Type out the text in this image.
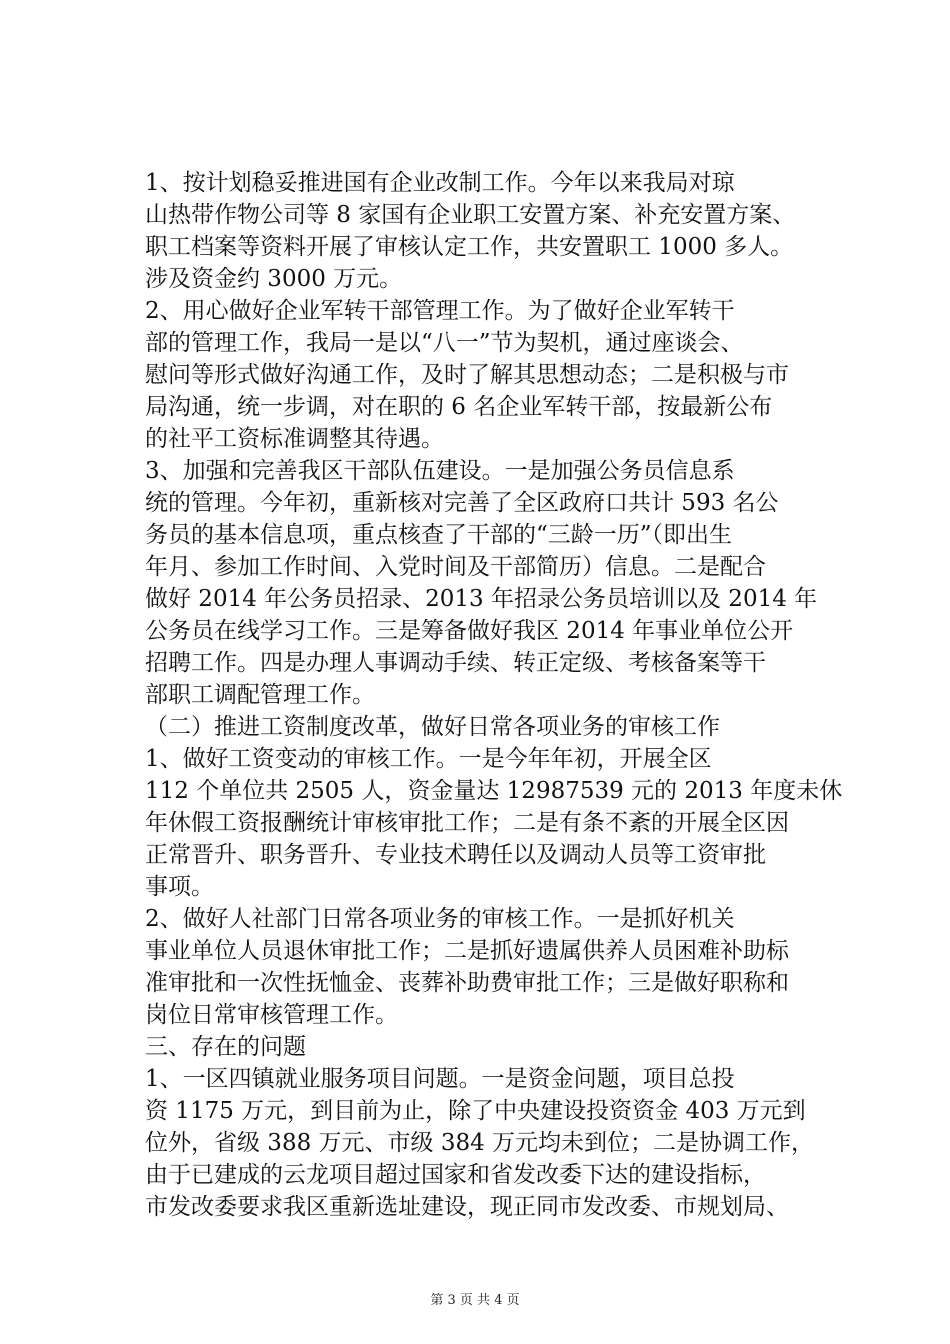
1、按计划稳妥推进国有企业改制工作。今年以来我局对琼
山热带作物公司等 8 家国有企业职工安置方案、补充安置方案、
职工档案等资料开展了审核认定工作，共安置职工 1000 多人。
涉及资金约 3000 万元。
2、用心做好企业军转干部管理工作。为了做好企业军转干
部的管理工作，我局一是以“八一”节为契机，通过座谈会、
慰问等形式做好沟通工作，及时了解其思想动态；二是积极与市
局沟通，统一步调，对在职的 6 名企业军转干部，按最新公布
的社平工资标准调整其待遇。
3、加强和完善我区干部队伍建设。一是加强公务员信息系
统的管理。今年初，重新核对完善了全区政府口共计 593 名公
务员的基本信息项，重点核查了干部的“三龄一历”（即出生
年月、参加工作时间、入党时间及干部简历）信息。二是配合
做好 2014 年公务员招录、2013 年招录公务员培训以及 2014 年
公务员在线学习工作。三是筹备做好我区 2014 年事业单位公开
招聘工作。四是办理人事调动手续、转正定级、考核备案等干
部职工调配管理工作。
（二）推进工资制度改革，做好日常各项业务的审核工作
1、做好工资变动的审核工作。一是今年年初，开展全区
112 个单位共 2505 人，资金量达 12987539 元的 2013 年度未休
年休假工资报酬统计审核审批工作；二是有条不紊的开展全区因
正常晋升、职务晋升、专业技术聘任以及调动人员等工资审批
事项。
2、做好人社部门日常各项业务的审核工作。一是抓好机关
事业单位人员退休审批工作；二是抓好遗属供养人员困难补助标
准审批和一次性抚恤金、丧葬补助费审批工作；三是做好职称和
岗位日常审核管理工作。
三、存在的问题
1、一区四镇就业服务项目问题。一是资金问题，项目总投
资 1175 万元，到目前为止，除了中央建设投资资金 403 万元到
位外，省级 388 万元、市级 384 万元均未到位；二是协调工作，
由于已建成的云龙项目超过国家和省发改委下达的建设指标，
市发改委要求我区重新选址建设，现正同市发改委、市规划局、
第 3 页 共 4 页
